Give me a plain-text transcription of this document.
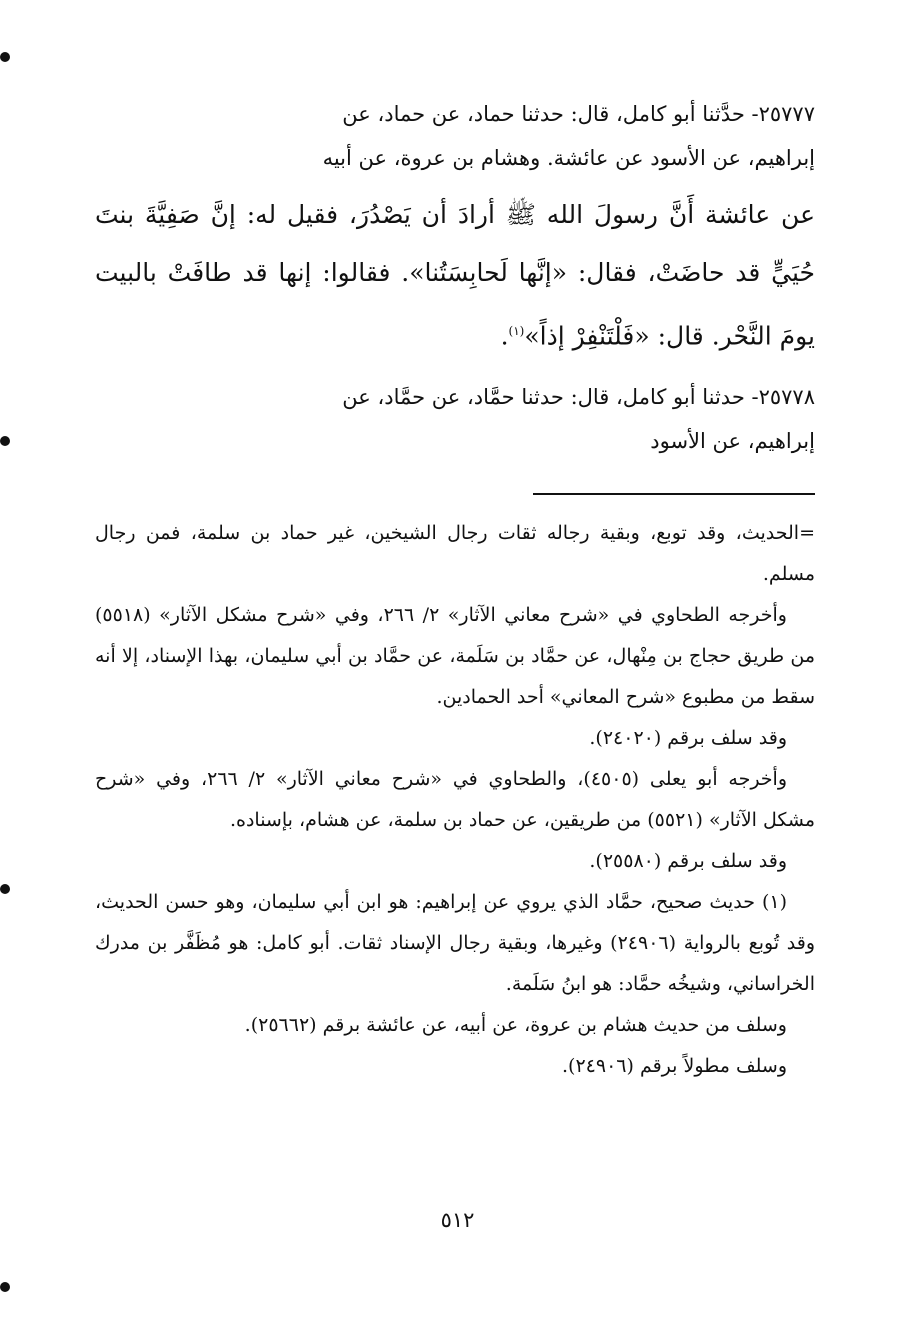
٢٥٧٧٧- حدَّثنا أبو كامل، قال: حدثنا حماد، عن حماد، عن
إبراهيم، عن الأسود عن عائشة. وهشام بن عروة، عن أبيه
عن عائشة أَنَّ رسولَ الله ﷺ أرادَ أن يَصْدُرَ، فقيل له: إنَّ صَفِيَّةَ بنتَ حُيَيٍّ قد حاضَتْ، فقال: «إنَّها لَحابِسَتُنا». فقالوا: إنها قد طافَتْ بالبيت يومَ النَّحْر. قال: «فَلْتَنْفِرْ إذاً»$^{(١)}$.
٢٥٧٧٨- حدثنا أبو كامل، قال: حدثنا حمَّاد، عن حمَّاد، عن
إبراهيم، عن الأسود

=الحديث، وقد توبع، وبقية رجاله ثقات رجال الشيخين، غير حماد بن سلمة، فمن رجال مسلم.

وأخرجه الطحاوي في «شرح معاني الآثار» ٢/ ٢٦٦، وفي «شرح مشكل الآثار» (٥٥١٨) من طريق حجاج بن مِنْهال، عن حمَّاد بن سَلَمة، عن حمَّاد بن أبي سليمان، بهذا الإسناد، إلا أنه سقط من مطبوع «شرح المعاني» أحد الحمادين.

وقد سلف برقم (٢٤٠٢٠).

وأخرجه أبو يعلى (٤٥٠٥)، والطحاوي في «شرح معاني الآثار» ٢/ ٢٦٦، وفي «شرح مشكل الآثار» (٥٥٢١) من طريقين، عن حماد بن سلمة، عن هشام، بإسناده.

وقد سلف برقم (٢٥٥٨٠).

(١) حديث صحيح، حمَّاد الذي يروي عن إبراهيم: هو ابن أبي سليمان، وهو حسن الحديث، وقد تُوبع بالرواية (٢٤٩٠٦) وغيرها، وبقية رجال الإسناد ثقات. أبو كامل: هو مُظَفَّر بن مدرك الخراساني، وشيخُه حمَّاد: هو ابنُ سَلَمة.

وسلف من حديث هشام بن عروة، عن أبيه، عن عائشة برقم (٢٥٦٦٢).

وسلف مطولاً برقم (٢٤٩٠٦).

٥١٢
